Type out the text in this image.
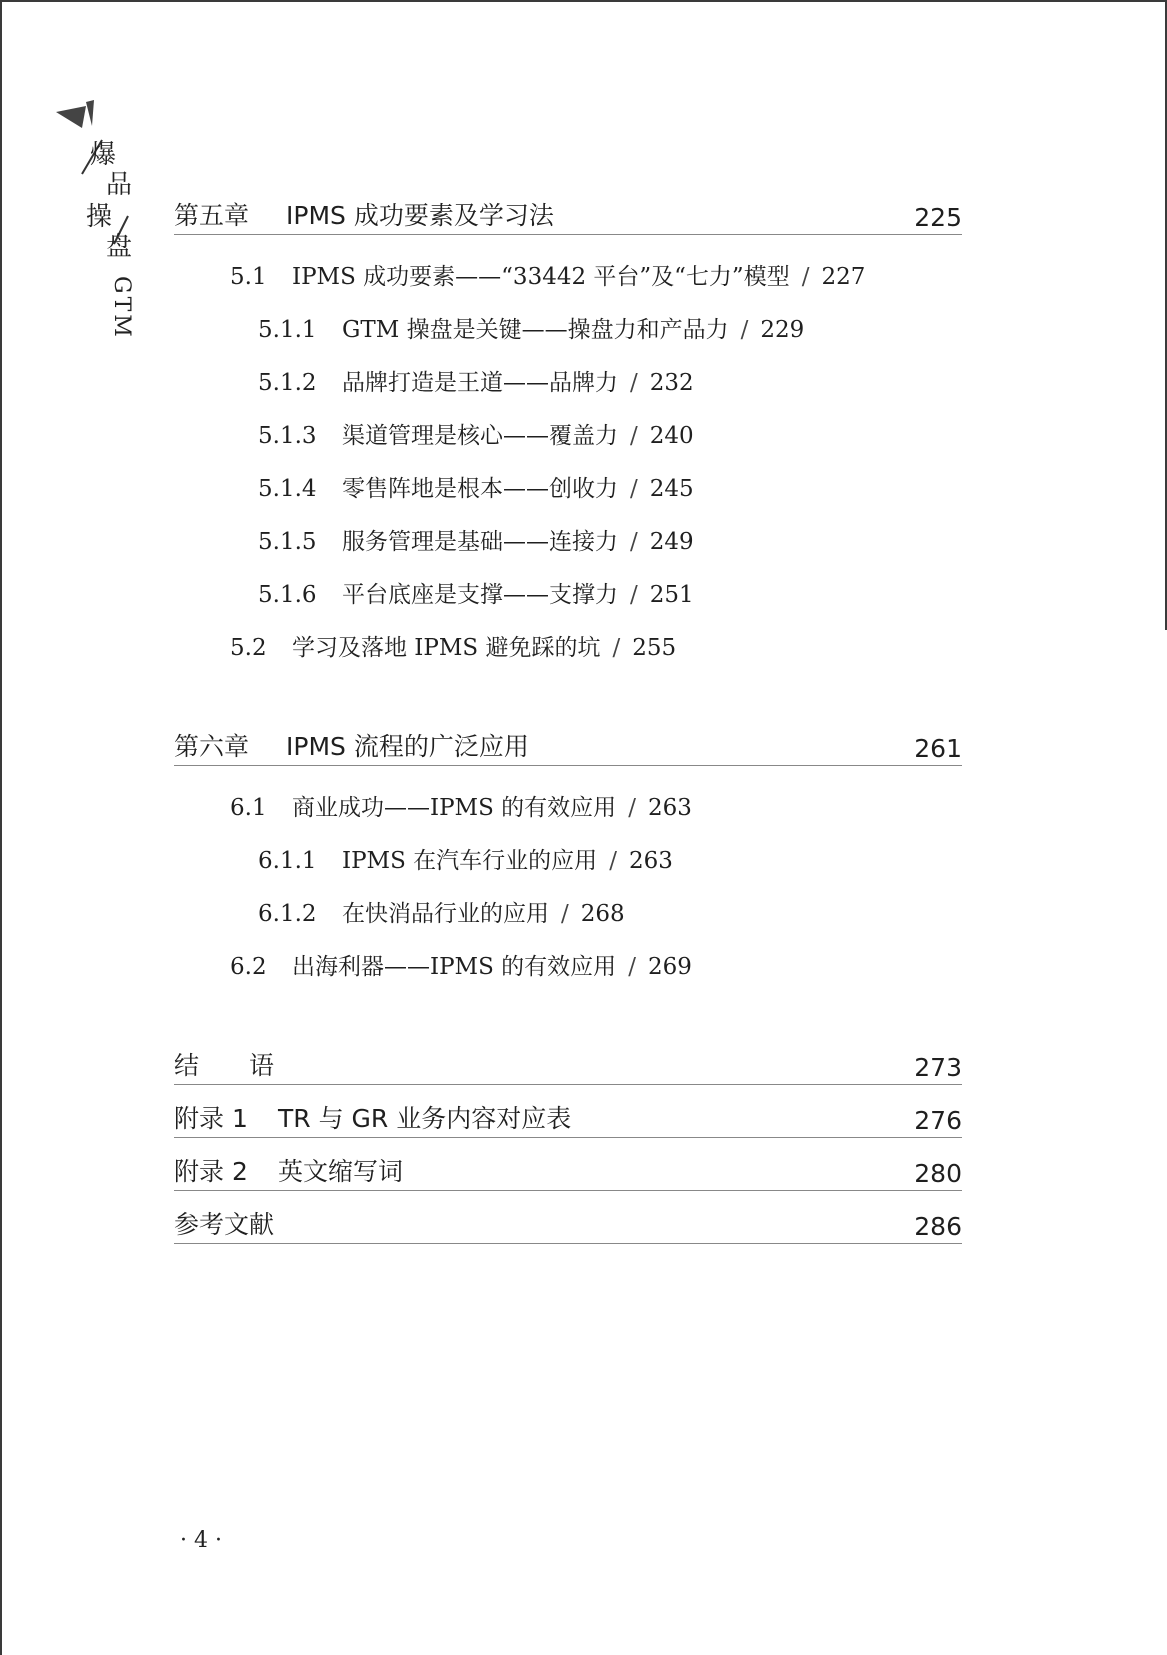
爆
品
操
盘
GTM
第五章 IPMS 成功要素及学习法	225
5.1 IPMS 成功要素——“33442 平台”及“七力”模型 / 227
5.1.1 GTM 操盘是关键——操盘力和产品力 / 229
5.1.2 品牌打造是王道——品牌力 / 232
5.1.3 渠道管理是核心——覆盖力 / 240
5.1.4 零售阵地是根本——创收力 / 245
5.1.5 服务管理是基础——连接力 / 249
5.1.6 平台底座是支撑——支撑力 / 251
5.2 学习及落地 IPMS 避免踩的坑 / 255
第六章 IPMS 流程的广泛应用	261
6.1 商业成功——IPMS 的有效应用 / 263
6.1.1 IPMS 在汽车行业的应用 / 263
6.1.2 在快消品行业的应用 / 268
6.2 出海利器——IPMS 的有效应用 / 269
结　　语	273
附录 1 TR 与 GR 业务内容对应表	276
附录 2 英文缩写词	280
参考文献	286
· 4 ·
